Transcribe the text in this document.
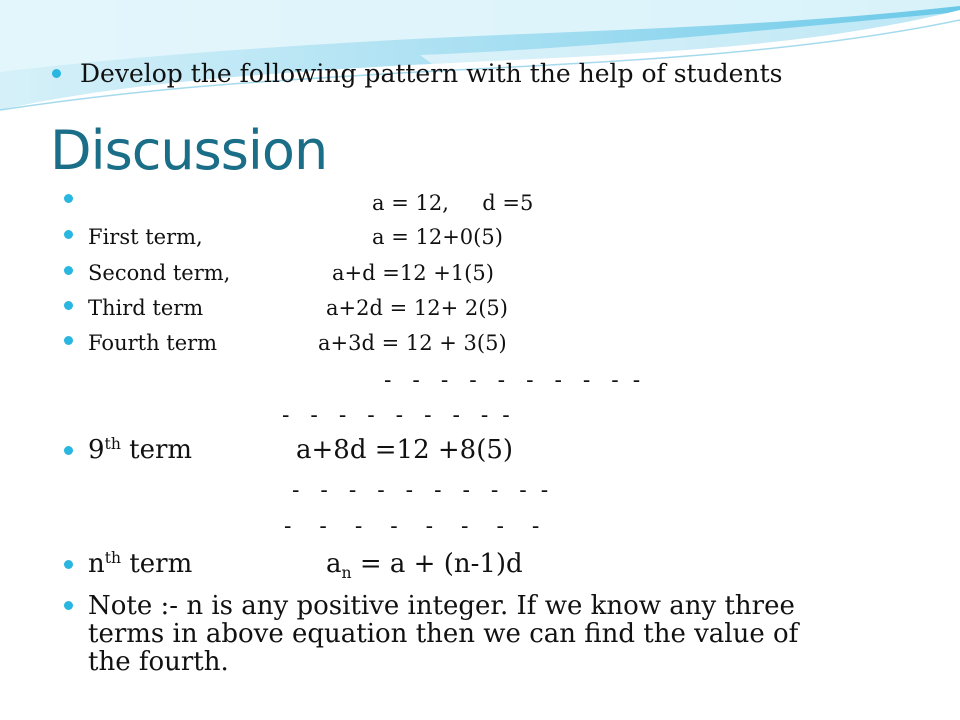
Develop the following pattern with the help of students
Discussion
a = 12,     d =5
First term,	a = 12+0(5)
Second term,	a+d =12 +1(5)
Third term	a+2d = 12+ 2(5)
Fourth term	a+3d = 12 + 3(5)
-   -   -   -   -   -   -   -   -  -
-   -   -   -   -   -   -   -  -
9th term	a+8d =12 +8(5)
-   -   -   -   -   -   -   -   -  -
-    -    -    -    -    -    -    -
$n^{th}$ term	$a_n = a + (n-1)d$
Note :- n is any positive integer. If we know any three terms in above equation then we can find the value of the fourth.
